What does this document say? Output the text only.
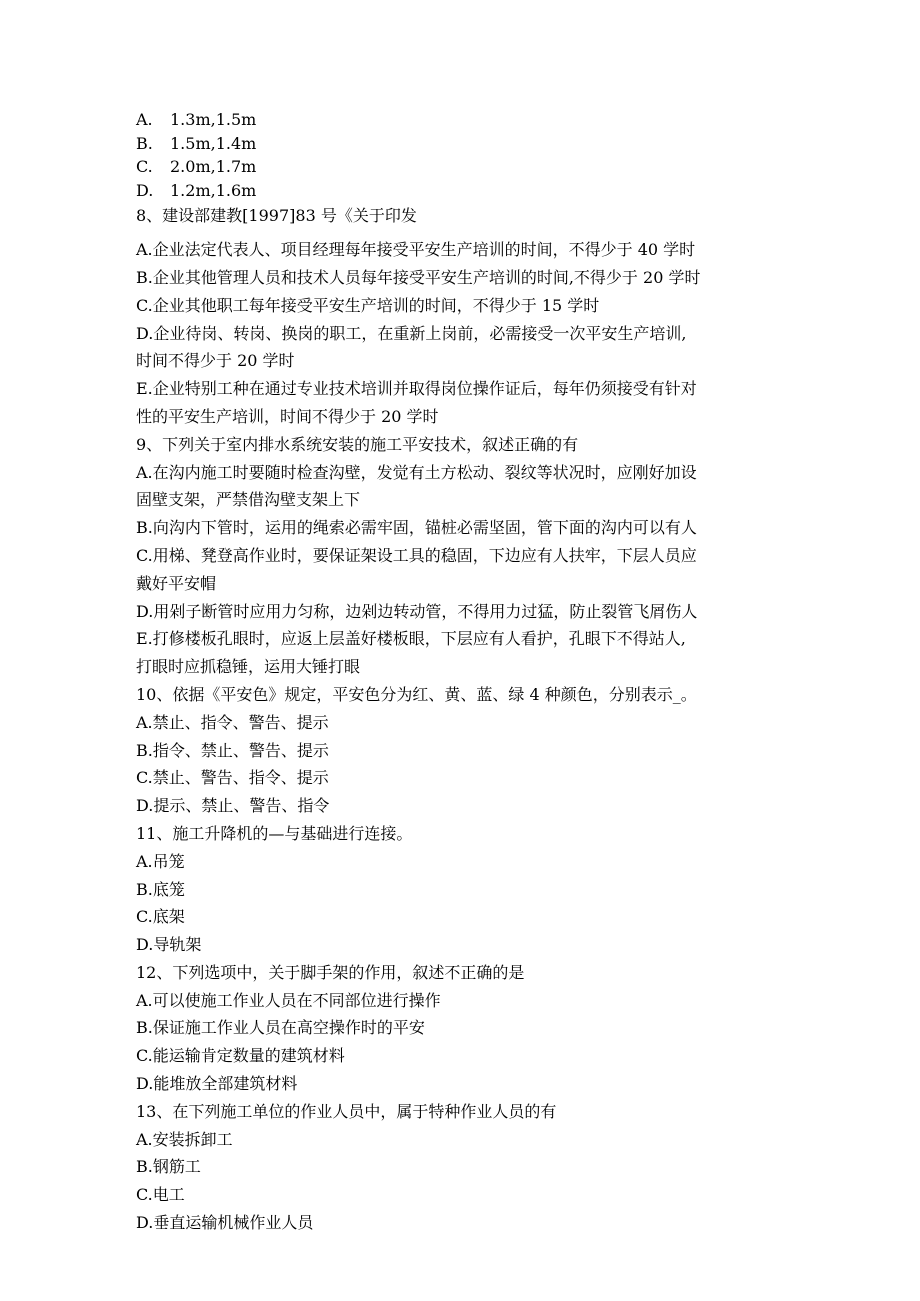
A. 1.3m,1.5m
B. 1.5m,1.4m
C. 2.0m,1.7m
D. 1.2m,1.6m
8、建设部建教[1997]83 号《关于印发
A.企业法定代表人、项目经理每年接受平安生产培训的时间，不得少于 40 学时
B.企业其他管理人员和技术人员每年接受平安生产培训的时间,不得少于 20 学时
C.企业其他职工每年接受平安生产培训的时间，不得少于 15 学时
D.企业待岗、转岗、换岗的职工，在重新上岗前，必需接受一次平安生产培训,
时间不得少于 20 学时
E.企业特别工种在通过专业技术培训并取得岗位操作证后，每年仍须接受有针对
性的平安生产培训，时间不得少于 20 学时
9、下列关于室内排水系统安装的施工平安技术，叙述正确的有
A.在沟内施工时要随时检查沟壁，发觉有土方松动、裂纹等状况时，应刚好加设
固壁支架，严禁借沟壁支架上下
B.向沟内下管时，运用的绳索必需牢固，锚桩必需坚固，管下面的沟内可以有人
C.用梯、凳登高作业时，要保证架设工具的稳固，下边应有人扶牢，下层人员应
戴好平安帽
D.用剁子断管时应用力匀称，边剁边转动管，不得用力过猛，防止裂管飞屑伤人
E.打修楼板孔眼时，应返上层盖好楼板眼，下层应有人看护，孔眼下不得站人,
打眼时应抓稳锤，运用大锤打眼
10、依据《平安色》规定，平安色分为红、黄、蓝、绿 4 种颜色，分别表示_。
A.禁止、指令、警告、提示
B.指令、禁止、警告、提示
C.禁止、警告、指令、提示
D.提示、禁止、警告、指令
11、施工升降机的—与基础进行连接。
A.吊笼
B.底笼
C.底架
D.导轨架
12、下列选项中，关于脚手架的作用，叙述不正确的是
A.可以使施工作业人员在不同部位进行操作
B.保证施工作业人员在高空操作时的平安
C.能运输肯定数量的建筑材料
D.能堆放全部建筑材料
13、在下列施工单位的作业人员中，属于特种作业人员的有
A.安装拆卸工
B.钢筋工
C.电工
D.垂直运输机械作业人员
